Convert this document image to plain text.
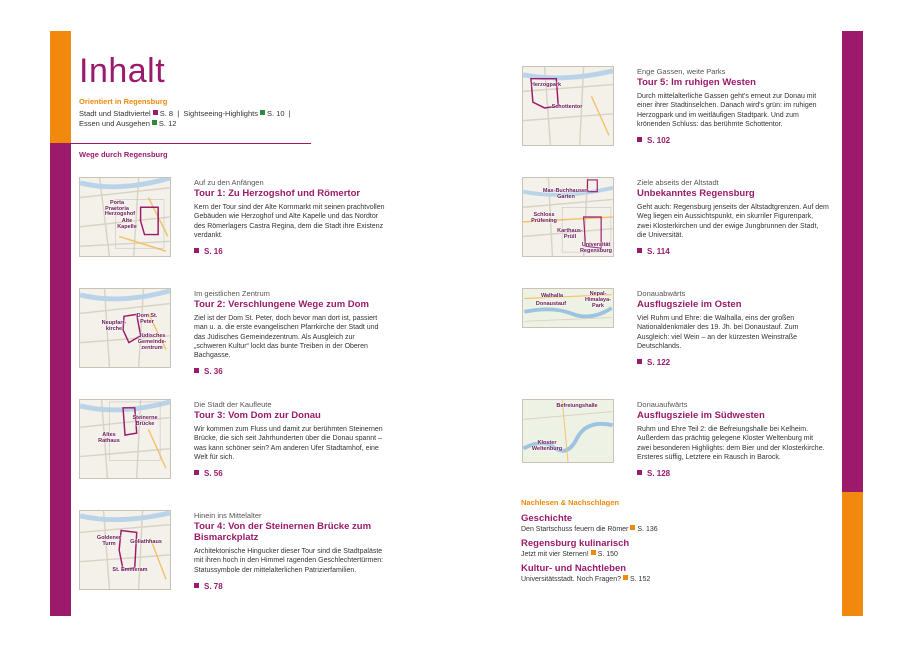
Inhalt
Orientiert in Regensburg
Stadt und Stadtviertel S. 8  |  Sightseeing-Highlights S. 10  |
Essen und Ausgehen S. 12
Wege durch Regensburg
Porta Praetoria
Herzogshof
Alte Kapelle
Auf zu den Anfängen
Tour 1: Zu Herzogshof und Römertor
Kern der Tour sind der Alte Kornmarkt mit seinen prachtvollen Gebäuden wie Herzoghof und Alte Kapelle und das Nordtor des Römerlagers Castra Regina, dem die Stadt ihre Existenz verdankt.
S. 16
Dom St. Peter
Neupfarr-kirche
Jüdisches Gemeinde-zentrum
Im geistlichen Zentrum
Tour 2: Verschlungene Wege zum Dom
Ziel ist der Dom St. Peter, doch bevor man dort ist, passiert man u. a. die erste evangelischen Pfarrkirche der Stadt und das Jüdisches Gemeindezentrum. Als Ausgleich zur „schweren Kultur“ lockt das bunte Treiben in der Oberen Bachgasse.
S. 36
Steinerne Brücke
Altes Rathaus
Die Stadt der Kaufleute
Tour 3: Vom Dom zur Donau
Wir kommen zum Fluss und damit zur berühmten Steinernen Brücke, die sich seit Jahrhunderten über die Donau spannt – was kann schöner sein? Am anderen Ufer Stadtamhof, eine Welt für sich.
S. 56
Goldener Turm	Goliathhaus
St. Emmeram
Hinein ins Mittelalter
Tour 4: Von der Steinernen Brücke zum Bismarckplatz
Architektonische Hingucker dieser Tour sind die Stadtpaläste mit ihren hoch in den Himmel ragenden Geschlechtertürmen: Statussymbole der mittelalterlichen Patrizierfamilien.
S. 78
Herzogpark
Schottentor
Enge Gassen, weite Parks
Tour 5: Im ruhigen Westen
Durch mittelalterliche Gassen geht's erneut zur Donau mit einer ihrer Stadtinselchen. Danach wird's grün: im ruhigen Herzogpark und im weitläufigen Stadtpark. Und zum krönenden Schluss: das berühmte Schottentor.
S. 102
Max-Buchhauser-Garten
Schloss Prüfening
Karthaus-Prüll
Universität Regensburg
Ziele abseits der Altstadt
Unbekanntes Regensburg
Geht auch: Regensburg jenseits der Altstadtgrenzen. Auf dem Weg liegen ein Aussichtspunkt, ein skurriler Figurenpark, zwei Klosterkirchen und der ewige Jungbrunnen der Stadt, die Universität.
S. 114
Walhalla
Donaustauf
Nepal-Himalaya-Park
Donauabwärts
Ausflugsziele im Osten
Viel Ruhm und Ehre: die Walhalla, eins der großen Nationaldenkmäler des 19. Jh. bei Donaustauf. Zum Ausgleich: viel Wein – an der kürzesten Weinstraße Deutschlands.
S. 122
Befreiungshalle
Kloster Weltenburg
Donauaufwärts
Ausflugsziele im Südwesten
Ruhm und Ehre Teil 2: die Befreiungshalle bei Kelheim. Außerdem das prächtig gelegene Kloster Weltenburg mit zwei besonderen Highlights: dem Bier und der Klosterkirche. Ersteres süffig, Letztere ein Rausch in Barock.
S. 128
Nachlesen & Nachschlagen
Geschichte
Den Startschuss feuern die Römer S. 136
Regensburg kulinarisch
Jetzt mit vier Sternen! S. 150
Kultur- und Nachtleben
Universitätsstadt. Noch Fragen? S. 152
